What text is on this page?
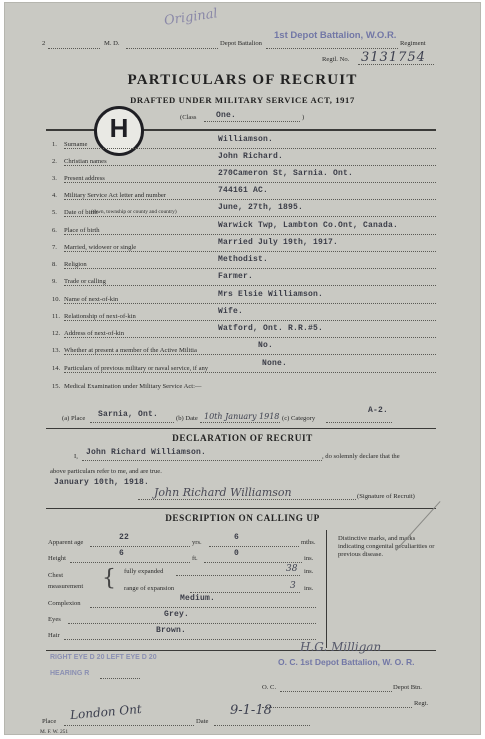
2	M. D.	Depot Battalion
1st Depot Battalion, W.O.R.
Regiment
Original
Regtl. No. 3131754
PARTICULARS OF RECRUIT
DRAFTED UNDER MILITARY SERVICE ACT, 1917
(Class One.	)
H
(town, township or county and country)
(a) Place Sarnia, Ont.	(b) Date 10th January 1918 (c) Category
A-2.
DECLARATION OF RECRUIT
I, John Richard Williamson.	, do solemnly declare that the
above particulars refer to me, and are true.
January 10th, 1918.
John Richard Williamson	(Signature of Recruit)
DESCRIPTION ON CALLING UP
Apparent age
22
yrs.
6
mths.
Height
6
ft.
0
ins.
Chest
measurement { fully expanded	38 ins.
range of expansion	3 ins.
Complexion
Medium.
Eyes
Grey.
Hair
Brown.
Distinctive marks, and marks indicating congenital peculiarities or previous disease.
RIGHT EYE D 20 LEFT EYE D 20
HEARING R
H.G. Milligan
O. C. 1st Depot Battalion, W. O. R.
O. C.	Depot Btn.
Regt.
Place London Ont	Date
9-1-18
M. F. W. 251
1. Surname
Williamson.
2. Christian names
John Richard.
3. Present address
270Cameron St, Sarnia. Ont.
4. Military Service Act letter and number
744161 AC.
5. Date of birth
June, 27th, 1895.
6. Place of birth
Warwick Twp, Lambton Co.Ont, Canada.
7. Married, widower or single
Married July 19th, 1917.
8. Religion
Methodist.
9. Trade or calling
Farmer.
10. Name of next-of-kin
Mrs Elsie Williamson.
11. Relationship of next-of-kin
Wife.
12. Address of next-of-kin
Watford, Ont. R.R.#5.
13. Whether at present a member of the Active Militia
No.
14. Particulars of previous military or naval service, if any
None.
15. Medical Examination under Military Service Act:—
